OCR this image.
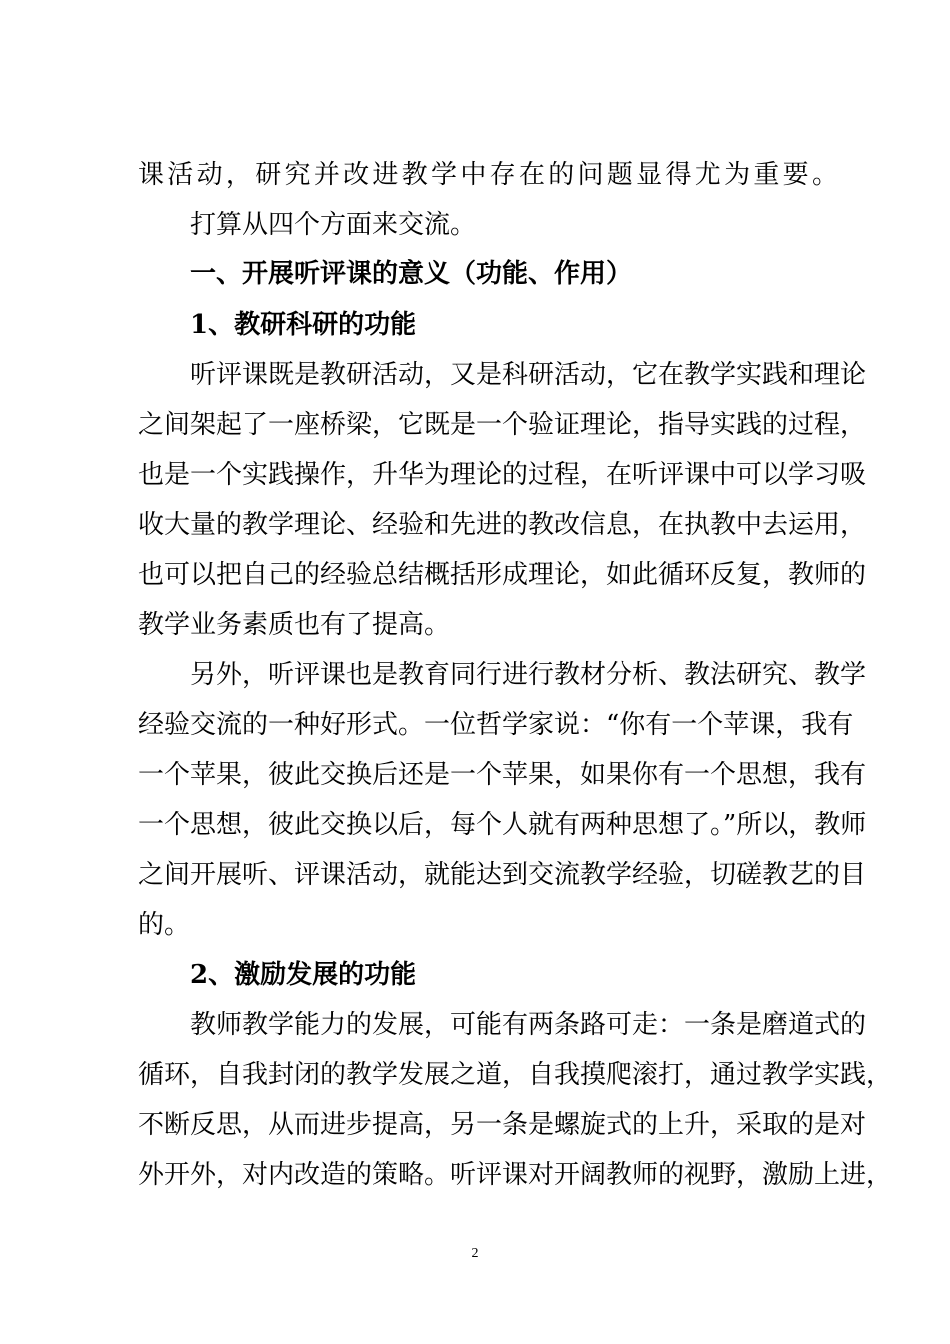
课活动，研究并改进教学中存在的问题显得尤为重要。
打算从四个方面来交流。
一、开展听评课的意义（功能、作用）
1、教研科研的功能
听评课既是教研活动，又是科研活动，它在教学实践和理论
之间架起了一座桥梁，它既是一个验证理论，指导实践的过程，
也是一个实践操作，升华为理论的过程，在听评课中可以学习吸
收大量的教学理论、经验和先进的教改信息，在执教中去运用，
也可以把自己的经验总结概括形成理论，如此循环反复，教师的
教学业务素质也有了提高。
另外，听评课也是教育同行进行教材分析、教法研究、教学
经验交流的一种好形式。一位哲学家说：“你有一个苹课，我有
一个苹果，彼此交换后还是一个苹果，如果你有一个思想，我有
一个思想，彼此交换以后，每个人就有两种思想了。”所以，教师
之间开展听、评课活动，就能达到交流教学经验，切磋教艺的目
的。
2、激励发展的功能
教师教学能力的发展，可能有两条路可走：一条是磨道式的
循环，自我封闭的教学发展之道，自我摸爬滚打，通过教学实践，
不断反思，从而进步提高，另一条是螺旋式的上升，采取的是对
外开外，对内改造的策略。听评课对开阔教师的视野，激励上进，
2
